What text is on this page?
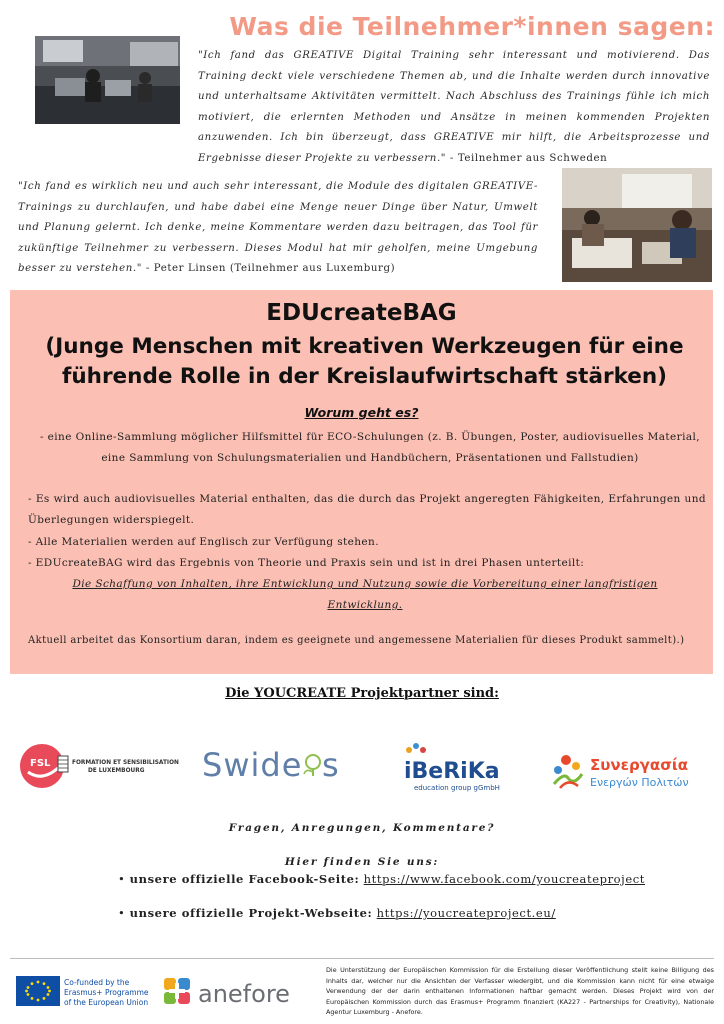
Was die Teilnehmer*innen sagen:
"Ich fand das GREATIVE Digital Training sehr interessant und motivierend. Das Training deckt viele verschiedene Themen ab, und die Inhalte werden durch innovative und unterhaltsame Aktivitäten vermittelt. Nach Abschluss des Trainings fühle ich mich motiviert, die erlernten Methoden und Ansätze in meinen kommenden Projekten anzuwenden. Ich bin überzeugt, dass GREATIVE mir hilft, die Arbeitsprozesse und Ergebnisse dieser Projekte zu verbessern." - Teilnehmer aus Schweden
"Ich fand es wirklich neu und auch sehr interessant, die Module des digitalen GREATIVE-Trainings zu durchlaufen, und habe dabei eine Menge neuer Dinge über Natur, Umwelt und Planung gelernt. Ich denke, meine Kommentare werden dazu beitragen, das Tool für zukünftige Teilnehmer zu verbessern. Dieses Modul hat mir geholfen, meine Umgebung besser zu verstehen." - Peter Linsen (Teilnehmer aus Luxemburg)
EDUcreateBAG
(Junge Menschen mit kreativen Werkzeugen für eine führende Rolle in der Kreislaufwirtschaft stärken)
Worum geht es?
- eine Online-Sammlung möglicher Hilfsmittel für ECO-Schulungen (z. B. Übungen, Poster, audiovisuelles Material, eine Sammlung von Schulungsmaterialien und Handbüchern, Präsentationen und Fallstudien)
- Es wird auch audiovisuelles Material enthalten, das die durch das Projekt angeregten Fähigkeiten, Erfahrungen und Überlegungen widerspiegelt.
- Alle Materialien werden auf Englisch zur Verfügung stehen.
- EDUcreateBAG wird das Ergebnis von Theorie und Praxis sein und ist in drei Phasen unterteilt:
Die Schaffung von Inhalten, ihre Entwicklung und Nutzung sowie die Vorbereitung einer langfristigen Entwicklung.
Aktuell arbeitet das Konsortium daran, indem es geeignete und angemessene Materialien für dieses Produkt sammelt).)
Die YOUCREATE Projektpartner sind:
FSL	FORMATION ET SENSIBILISATION
DE LUXEMBOURG Swide s	iBeRiKa
education group gGmbH
Συνεργασία
Ενεργών Πολιτών
Fragen, Anregungen, Kommentare?
Hier finden Sie uns:
• unsere offizielle Facebook-Seite: https://www.facebook.com/youcreateproject
• unsere offizielle Projekt-Webseite: https://youcreateproject.eu/
Co-funded by the
Erasmus+ Programme
of the European Union anefore
Die Unterstützung der Europäischen Kommission für die Erstellung dieser Veröffentlichung stellt keine Billigung des Inhalts dar, welcher nur die Ansichten der Verfasser wiedergibt, und die Kommission kann nicht für eine etwaige Verwendung der der darin enthaltenen Informationen haftbar gemacht werden. Dieses Projekt wird von der Europäischen Kommission durch das Erasmus+ Programm finanziert (KA227 - Partnerships for Creativity), Nationale Agentur Luxemburg - Anefore.
